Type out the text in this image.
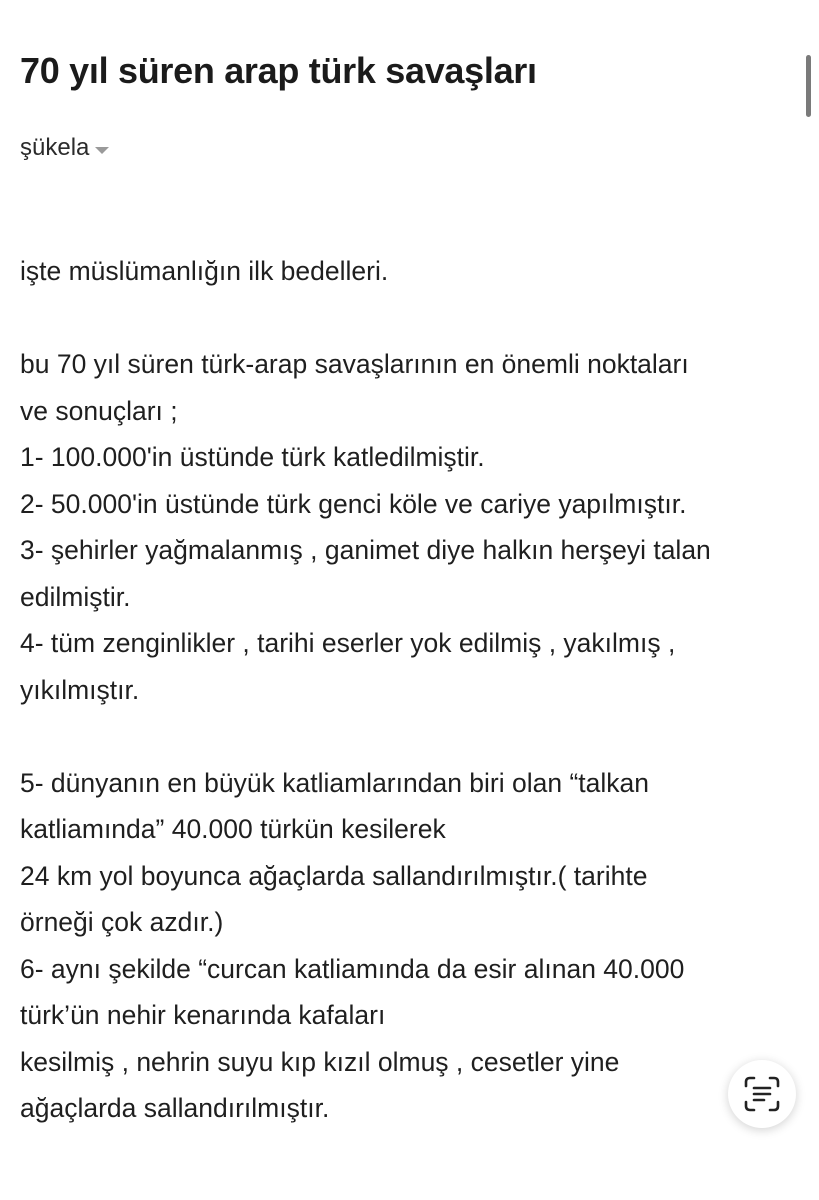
70 yıl süren arap türk savaşları
şükela

işte müslümanlığın ilk bedelleri.

bu 70 yıl süren türk-arap savaşlarının en önemli noktaları
ve sonuçları ;

1- 100.000'in üstünde türk katledilmiştir.

2- 50.000'in üstünde türk genci köle ve cariye yapılmıştır.

3- şehirler yağmalanmış , ganimet diye halkın herşeyi talan
edilmiştir.

4- tüm zenginlikler , tarihi eserler yok edilmiş , yakılmış ,
yıkılmıştır.

5- dünyanın en büyük katliamlarından biri olan “talkan
katliamında” 40.000 türkün kesilerek

24 km yol boyunca ağaçlarda sallandırılmıştır.( tarihte
örneği çok azdır.)

6- aynı şekilde “curcan katliamında da esir alınan 40.000
türk’ün nehir kenarında kafaları

kesilmiş , nehrin suyu kıp kızıl olmuş , cesetler yine
ağaçlarda sallandırılmıştır.
